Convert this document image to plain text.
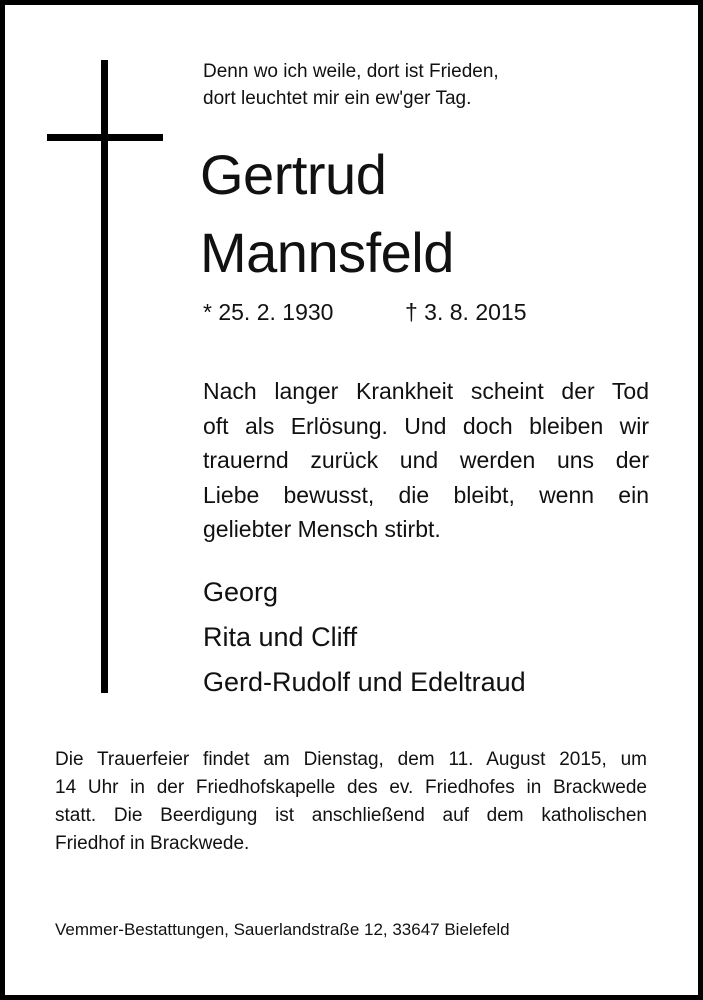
Denn wo ich weile, dort ist Frieden,
dort leuchtet mir ein ew'ger Tag.
Gertrud
Mannsfeld
* 25. 2. 1930	† 3. 8. 2015
Nach langer Krankheit scheint der Tod
oft als Erlösung. Und doch bleiben wir
trauernd zurück und werden uns der
Liebe bewusst, die bleibt, wenn ein
geliebter Mensch stirbt.
Georg
Rita und Cliff
Gerd-Rudolf und Edeltraud
Die Trauerfeier findet am Dienstag, dem 11. August 2015, um
14 Uhr in der Friedhofskapelle des ev. Friedhofes in Brackwede
statt. Die Beerdigung ist anschließend auf dem katholischen
Friedhof in Brackwede.
Vemmer-Bestattungen, Sauerlandstraße 12, 33647 Bielefeld
